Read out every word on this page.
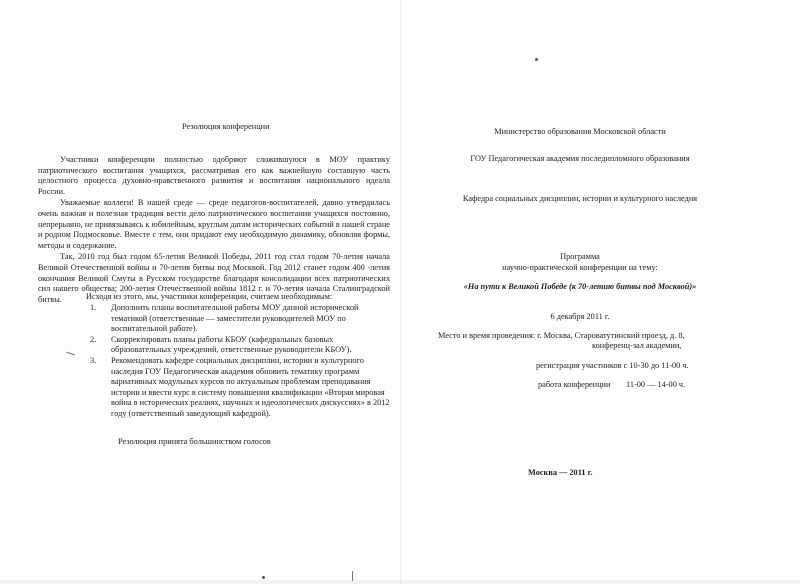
Резолюция конференции

Участники конференции полностью одобряют сложившуюся в МОУ практику патриотического воспитания учащихся, рассматривая его как важнейшую составную часть целостного процесса духовно-нравственного развития и воспитания национального идеала России.

Уважаемые коллеги! В нашей среде — среде педагогов-воспитателей, давно утвердилась очень важная и полезная традиция вести дело патриотического воспитания учащихся постоянно, непрерывно, не привязываясь к юбилейным, круглым датам исторических событий в нашей стране и родном Подмосковье. Вместе с тем, они придают ему необходимую динамику, обновляя формы, методы и содержание.

Так, 2010 год был годом 65-летия Великой Победы, 2011 год стал годом 70-летия начала Великой Отечественной войны и 70-летия битвы под Москвой. Год 2012 станет годом 400 -летия окончания Великой Смуты в Русском государстве благодаря консолидации всех патриотических сил нашего общества; 200-летия Отечественной войны 1812 г. и 70-летия начала Сталинградской битвы.	Исходя из этого, мы, участники конференции, считаем необходимым:
1. Дополнить планы воспитательной работы МОУ данной исторической тематикой (ответственные — заместители руководителей МОУ по воспитательной работе).
2. Скорректировать планы работы КБОУ (кафедральных базовых образовательных учреждений, ответственные руководители КБОУ).
3. Рекомендовать кафедре социальных дисциплин, истории и культурного наследия ГОУ Педагогическая академия обновить тематику программ вариативных модульных курсов по актуальным проблемам преподавания истории и ввести курс в систему повышения квалификации «Вторая мировая война в исторических реалиях, научных и идеологических дискуссиях» в 2012 году (ответственный заведующий кафедрой).
Резолюция принята большинством голосов
Министерство образования Московской области
ГОУ Педагогическая академия последипломного образования
Кафедра социальных дисциплин, истории и культурного наследия
Программа
научно-практической конференции на тему:
«На пути к Великой Победе (к 70-летию битвы под Москвой)»
6 декабря 2011 г.
Место и время проведения: г. Москва, Староватутинский проезд, д. 8,
конференц-зал академии,
регистрация участников с 10-30 до 11-00 ч.
работа конференции 11-00 — 14-00 ч.
Москва — 2011 г.
